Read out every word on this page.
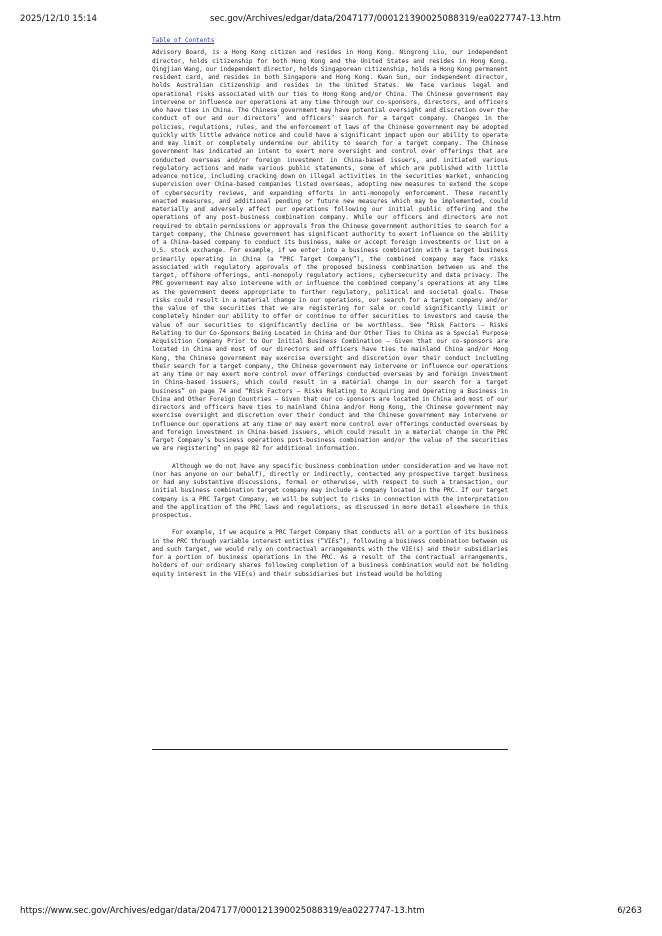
2025/12/10 15:14	sec.gov/Archives/edgar/data/2047177/000121390025088319/ea0227747-13.htm
Table of Contents

Advisory Board, is a Hong Kong citizen and resides in Hong Kong. Ningrong Liu, our independent director, holds citizenship for both Hong Kong and the United States and resides in Hong Kong. Qingjian Wang, our independent director, holds Singaporean citizenship, holds a Hong Kong permanent resident card, and resides in both Singapore and Hong Kong. Kwan Sun, our independent director, holds Australian citizenship and resides in the United States. We face various legal and operational risks associated with our ties to Hong Kong and/or China. The Chinese government may intervene or influence our operations at any time through our co-sponsors, directors, and officers who have ties in China. The Chinese government may have potential oversight and discretion over the conduct of our and our directors’ and officers’ search for a target company. Changes in the policies, regulations, rules, and the enforcement of laws of the Chinese government may be adopted quickly with little advance notice and could have a significant impact upon our ability to operate and may limit or completely undermine our ability to search for a target company. The Chinese government has indicated an intent to exert more oversight and control over offerings that are conducted overseas and/or foreign investment in China-based issuers, and initiated various regulatory actions and made various public statements, some of which are published with little advance notice, including cracking down on illegal activities in the securities market, enhancing supervision over China-based companies listed overseas, adopting new measures to extend the scope of cybersecurity reviews, and expanding efforts in anti-monopoly enforcement. These recently enacted measures, and additional pending or future new measures which may be implemented, could materially and adversely affect our operations following our initial public offering and the operations of any post-business combination company. While our officers and directors are not required to obtain permissions or approvals from the Chinese government authorities to search for a target company, the Chinese government has significant authority to exert influence on the ability of a China-based company to conduct its business, make or accept foreign investments or list on a U.S. stock exchange. For example, if we enter into a business combination with a target business primarily operating in China (a “PRC Target Company”), the combined company may face risks associated with regulatory approvals of the proposed business combination between us and the target, offshore offerings, anti-monopoly regulatory actions, cybersecurity and data privacy. The PRC government may also intervene with or influence the combined company’s operations at any time as the government deems appropriate to further regulatory, political and societal goals. These risks could result in a material change in our operations, our search for a target company and/or the value of the securities that we are registering for sale or could significantly limit or completely hinder our ability to offer or continue to offer securities to investors and cause the value of our securities to significantly decline or be worthless. See “Risk Factors — Risks Relating to Our Co-Sponsors Being Located in China and Our Other Ties to China as a Special Purpose Acquisition Company Prior to Our Initial Business Combination — Given that our co-sponsors are located in China and most of our directors and officers have ties to mainland China and/or Hong Kong, the Chinese government may exercise oversight and discretion over their conduct including their search for a target company, the Chinese government may intervene or influence our operations at any time or may exert more control over offerings conducted overseas by and foreign investment in China-based issuers, which could result in a material change in our search for a target business” on page 74 and “Risk Factors — Risks Relating to Acquiring and Operating a Business in China and Other Foreign Countries — Given that our co-sponsors are located in China and most of our directors and officers have ties to mainland China and/or Hong Kong, the Chinese government may exercise oversight and discretion over their conduct and the Chinese government may intervene or influence our operations at any time or may exert more control over offerings conducted overseas by and foreign investment in China-based issuers, which could result in a material change in the PRC Target Company’s business operations post-business combination and/or the value of the securities we are registering” on page 82 for additional information.

Although we do not have any specific business combination under consideration and we have not (nor has anyone on our behalf), directly or indirectly, contacted any prospective target business or had any substantive discussions, formal or otherwise, with respect to such a transaction, our initial business combination target company may include a company located in the PRC. If our target company is a PRC Target Company, we will be subject to risks in connection with the interpretation and the application of the PRC laws and regulations, as discussed in more detail elsewhere in this prospectus.

For example, if we acquire a PRC Target Company that conducts all or a portion of its business in the PRC through variable interest entities (“VIEs”), following a business combination between us and such target, we would rely on contractual arrangements with the VIE(s) and their subsidiaries for a portion of business operations in the PRC. As a result of the contractual arrangements, holders of our ordinary shares following completion of a business combination would not be holding equity interest in the VIE(s) and their subsidiaries but instead would be holding

https://www.sec.gov/Archives/edgar/data/2047177/000121390025088319/ea0227747-13.htm	6/263
